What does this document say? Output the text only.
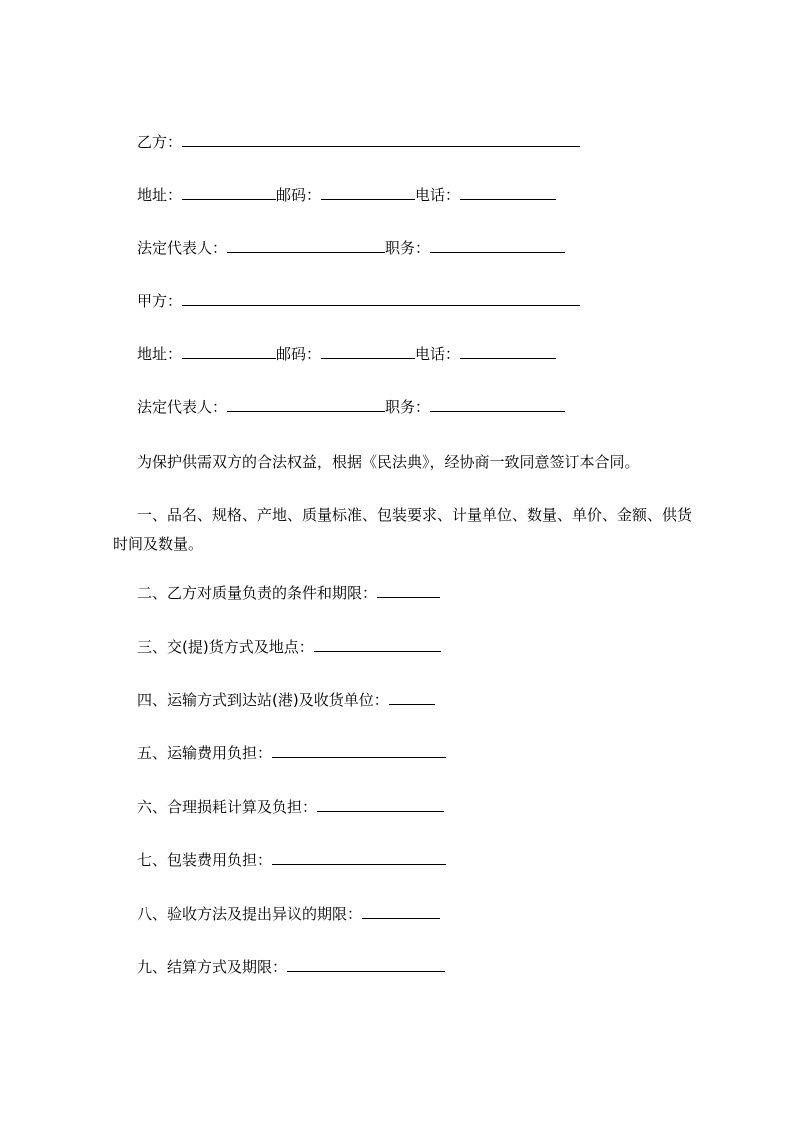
乙方：
地址：	邮码：	电话：
法定代表人：	职务：
甲方：
地址：	邮码：	电话：
法定代表人：	职务：
为保护供需双方的合法权益，根据《民法典》，经协商一致同意签订本合同。
一、品名、规格、产地、质量标准、包装要求、计量单位、数量、单价、金额、供货时间及数量。
二、乙方对质量负责的条件和期限：
三、交(提)货方式及地点：
四、运输方式到达站(港)及收货单位：
五、运输费用负担：
六、合理损耗计算及负担：
七、包装费用负担：
八、验收方法及提出异议的期限：
九、结算方式及期限：
